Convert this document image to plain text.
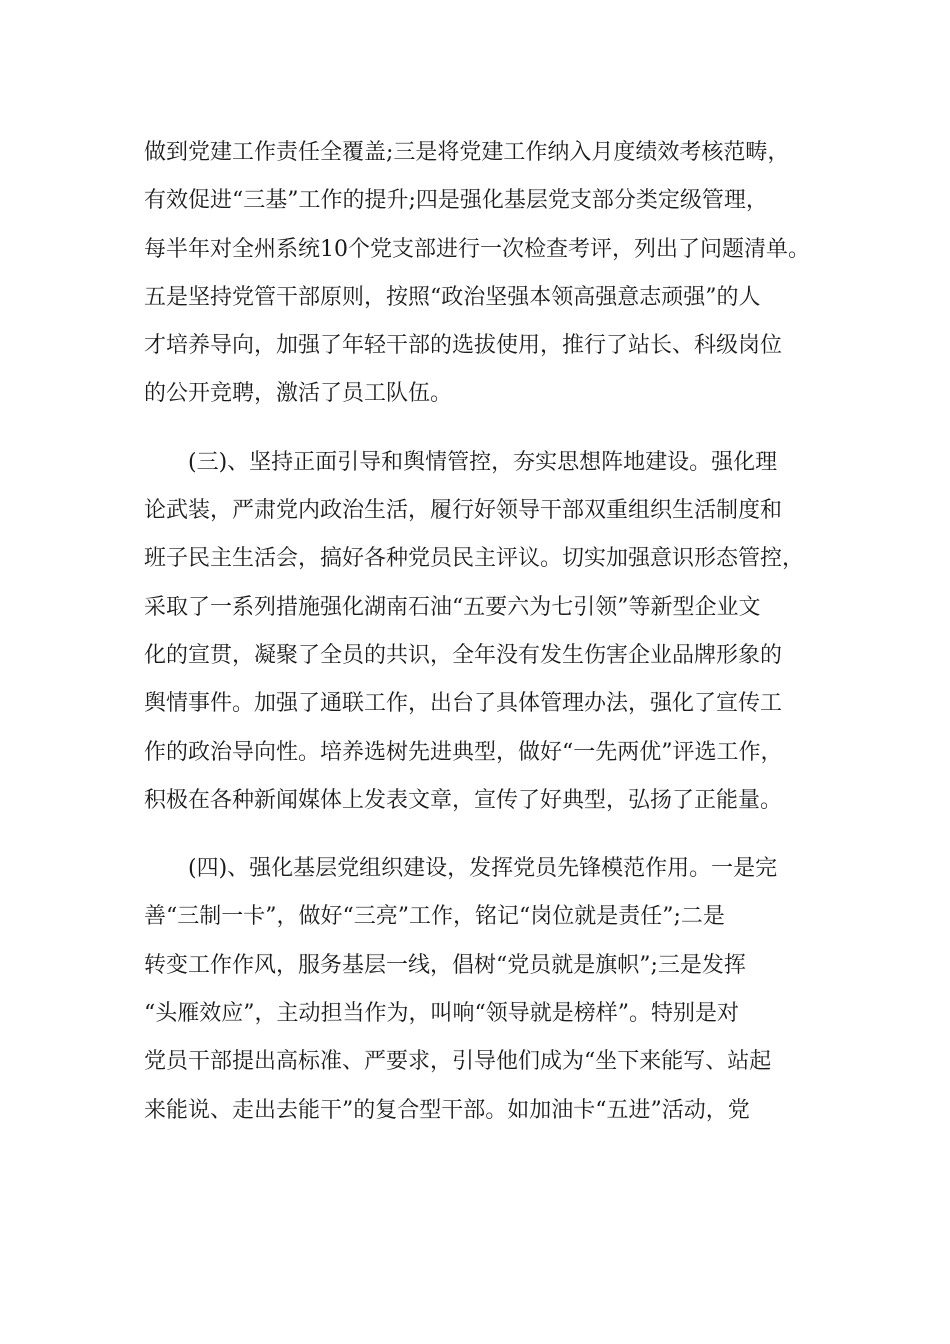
做到党建工作责任全覆盖;三是将党建工作纳入月度绩效考核范畴，
有效促进“三基”工作的提升;四是强化基层党支部分类定级管理，
每半年对全州系统10个党支部进行一次检查考评，列出了问题清单。
五是坚持党管干部原则，按照“政治坚强本领高强意志顽强”的人
才培养导向，加强了年轻干部的选拔使用，推行了站长、科级岗位
的公开竞聘，激活了员工队伍。
　　(三)、坚持正面引导和舆情管控，夯实思想阵地建设。强化理
论武装，严肃党内政治生活，履行好领导干部双重组织生活制度和
班子民主生活会，搞好各种党员民主评议。切实加强意识形态管控，
采取了一系列措施强化湖南石油“五要六为七引领”等新型企业文
化的宣贯，凝聚了全员的共识，全年没有发生伤害企业品牌形象的
舆情事件。加强了通联工作，出台了具体管理办法，强化了宣传工
作的政治导向性。培养选树先进典型，做好“一先两优”评选工作，
积极在各种新闻媒体上发表文章，宣传了好典型，弘扬了正能量。
　　(四)、强化基层党组织建设，发挥党员先锋模范作用。一是完
善“三制一卡”，做好“三亮”工作，铭记“岗位就是责任”;二是
转变工作作风，服务基层一线，倡树“党员就是旗帜”;三是发挥
“头雁效应”，主动担当作为，叫响“领导就是榜样”。特别是对
党员干部提出高标准、严要求，引导他们成为“坐下来能写、站起
来能说、走出去能干”的复合型干部。如加油卡“五进”活动，党
